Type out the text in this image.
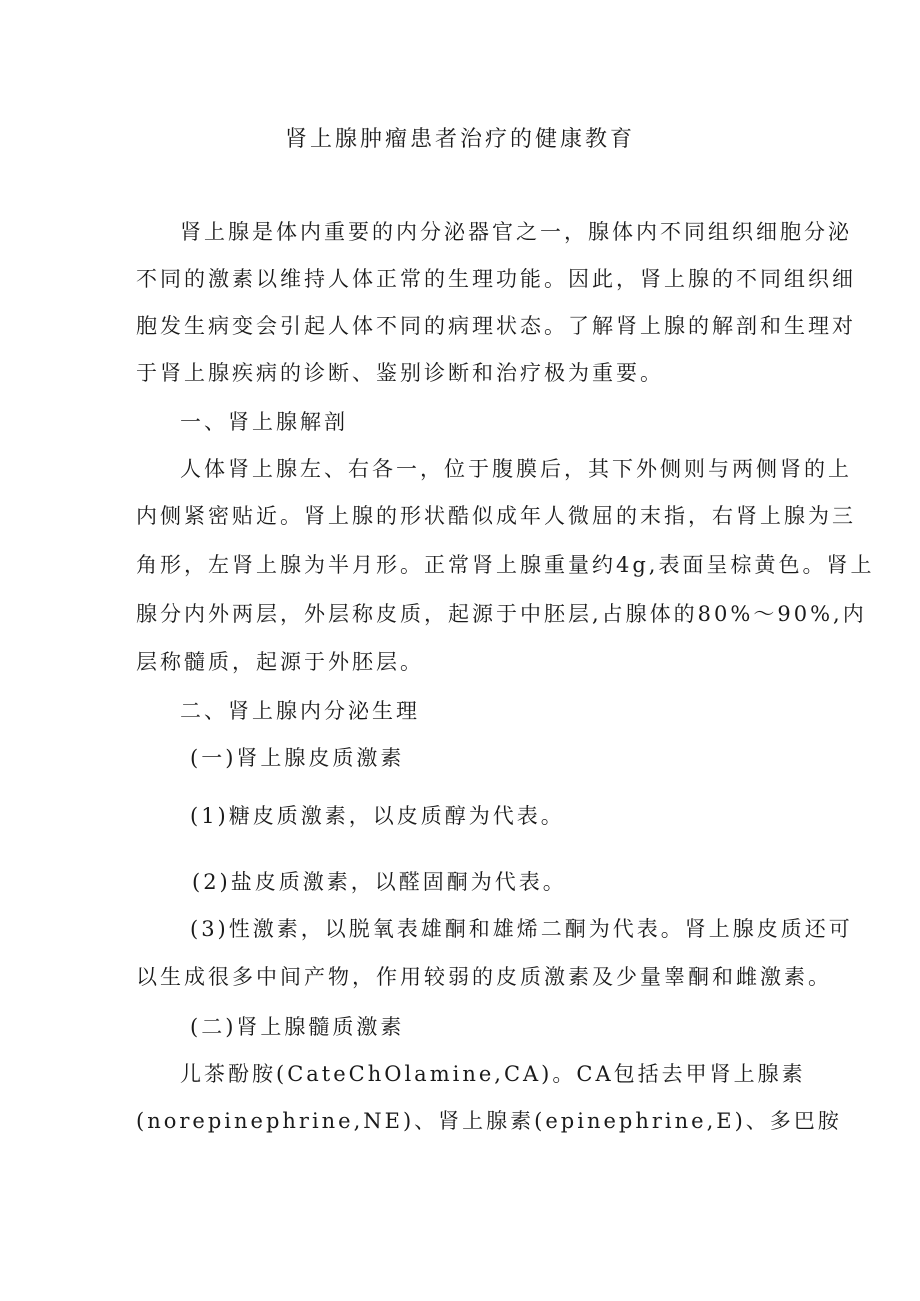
肾上腺肿瘤患者治疗的健康教育
肾上腺是体内重要的内分泌器官之一，腺体内不同组织细胞分泌
不同的激素以维持人体正常的生理功能。因此，肾上腺的不同组织细
胞发生病变会引起人体不同的病理状态。了解肾上腺的解剖和生理对
于肾上腺疾病的诊断、鉴别诊断和治疗极为重要。
一、肾上腺解剖
人体肾上腺左、右各一，位于腹膜后，其下外侧则与两侧肾的上
内侧紧密贴近。肾上腺的形状酷似成年人微屈的末指，右肾上腺为三
角形，左肾上腺为半月形。正常肾上腺重量约4g,表面呈棕黄色。肾上
腺分内外两层，外层称皮质，起源于中胚层,占腺体的80%～90%,内
层称髓质，起源于外胚层。
二、肾上腺内分泌生理
(一)肾上腺皮质激素
(1)糖皮质激素，以皮质醇为代表。
(2)盐皮质激素，以醛固酮为代表。
(3)性激素，以脱氧表雄酮和雄烯二酮为代表。肾上腺皮质还可
以生成很多中间产物，作用较弱的皮质激素及少量睾酮和雌激素。
(二)肾上腺髓质激素
儿茶酚胺(CateChOlamine,CA)。CA包括去甲肾上腺素
(norepinephrine,NE)、肾上腺素(epinephrine,E)、多巴胺
